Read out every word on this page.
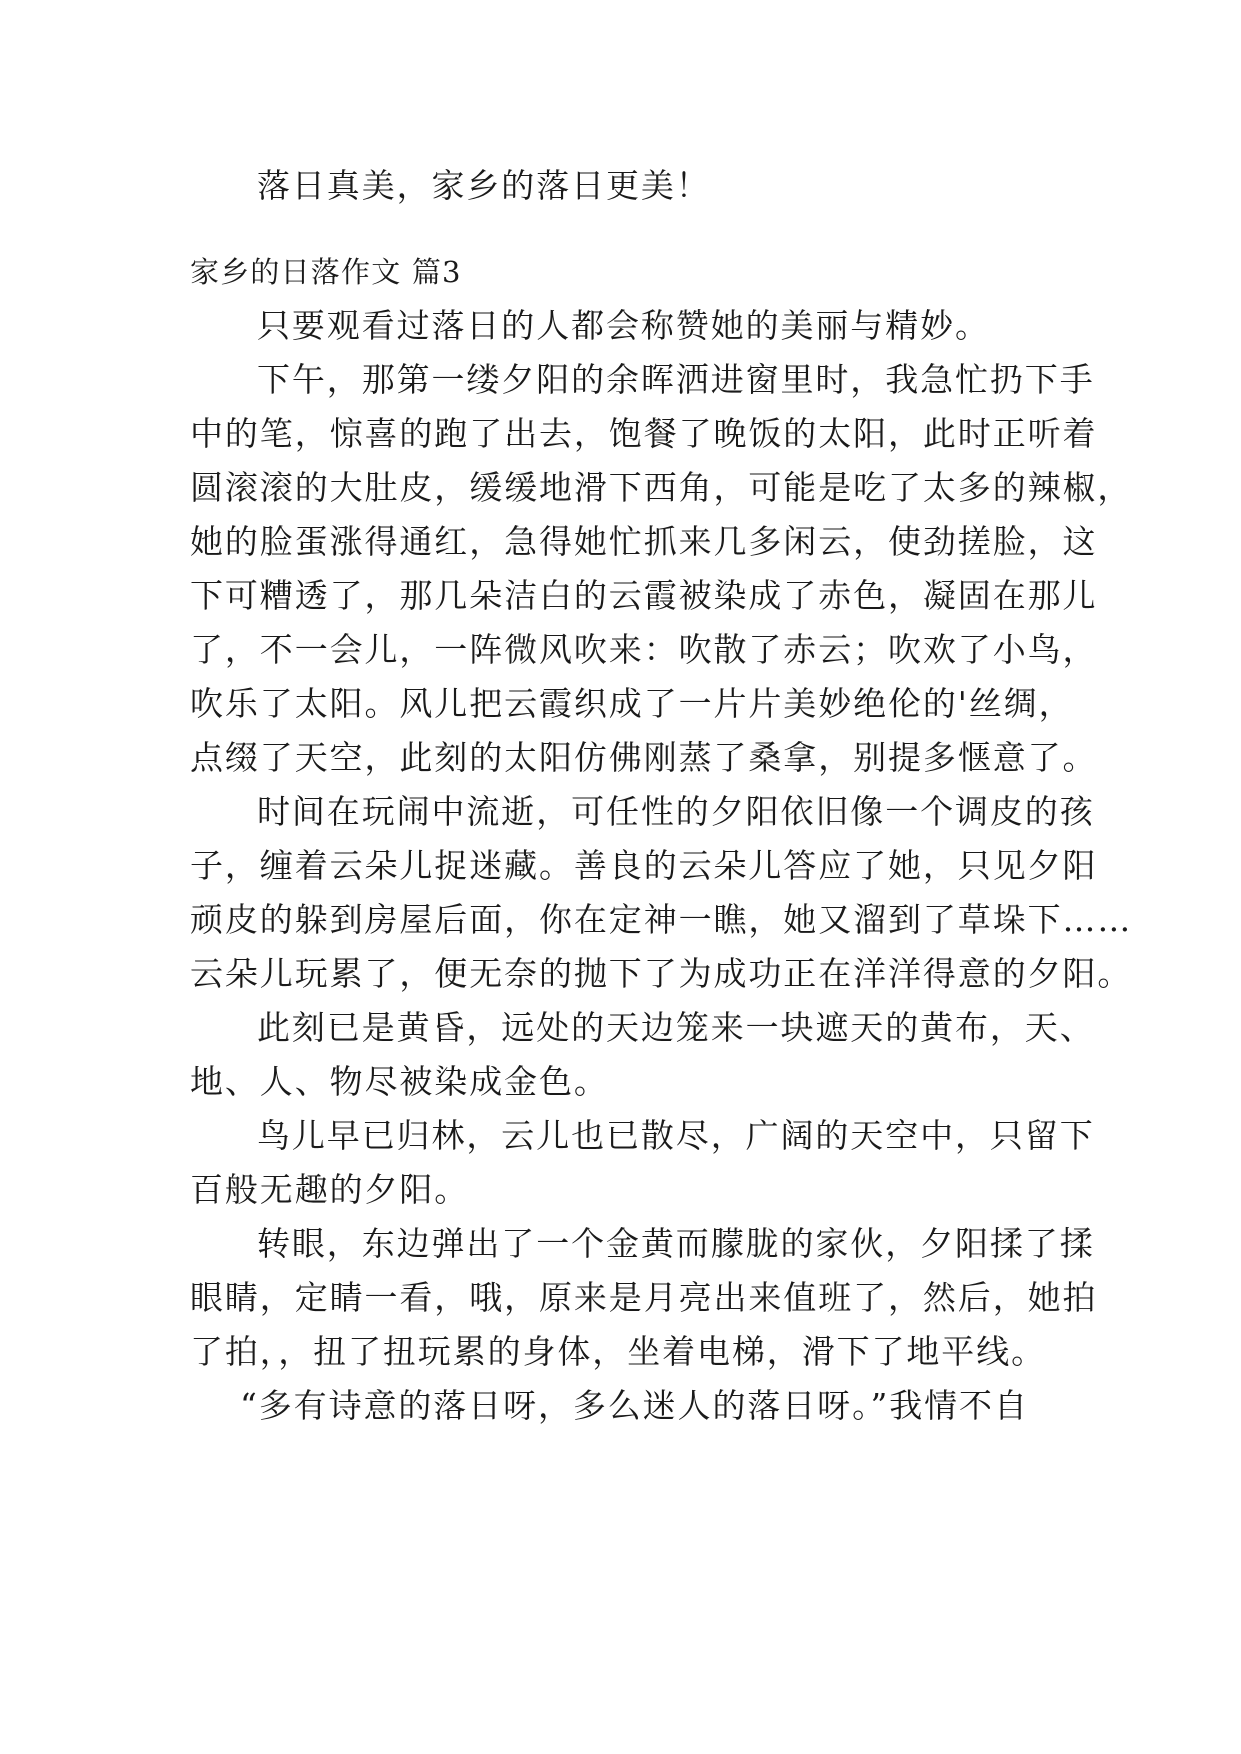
落日真美，家乡的落日更美！
家乡的日落作文 篇3
只要观看过落日的人都会称赞她的美丽与精妙。
下午，那第一缕夕阳的余晖洒进窗里时，我急忙扔下手
中的笔，惊喜的跑了出去，饱餐了晚饭的太阳，此时正听着
圆滚滚的大肚皮，缓缓地滑下西角，可能是吃了太多的辣椒，
她的脸蛋涨得通红，急得她忙抓来几多闲云，使劲搓脸，这
下可糟透了，那几朵洁白的云霞被染成了赤色，凝固在那儿
了，不一会儿，一阵微风吹来：吹散了赤云；吹欢了小鸟，
吹乐了太阳。风儿把云霞织成了一片片美妙绝伦的'丝绸，
点缀了天空，此刻的太阳仿佛刚蒸了桑拿，别提多惬意了。
时间在玩闹中流逝，可任性的夕阳依旧像一个调皮的孩
子，缠着云朵儿捉迷藏。善良的云朵儿答应了她，只见夕阳
顽皮的躲到房屋后面，你在定神一瞧，她又溜到了草垛下……
云朵儿玩累了，便无奈的抛下了为成功正在洋洋得意的夕阳。
此刻已是黄昏，远处的天边笼来一块遮天的黄布，天、
地、人、物尽被染成金色。
鸟儿早已归林，云儿也已散尽，广阔的天空中，只留下
百般无趣的夕阳。
转眼，东边弹出了一个金黄而朦胧的家伙，夕阳揉了揉
眼睛，定睛一看，哦，原来是月亮出来值班了，然后，她拍
了拍，，扭了扭玩累的身体，坐着电梯，滑下了地平线。
“多有诗意的落日呀，多么迷人的落日呀。”我情不自
